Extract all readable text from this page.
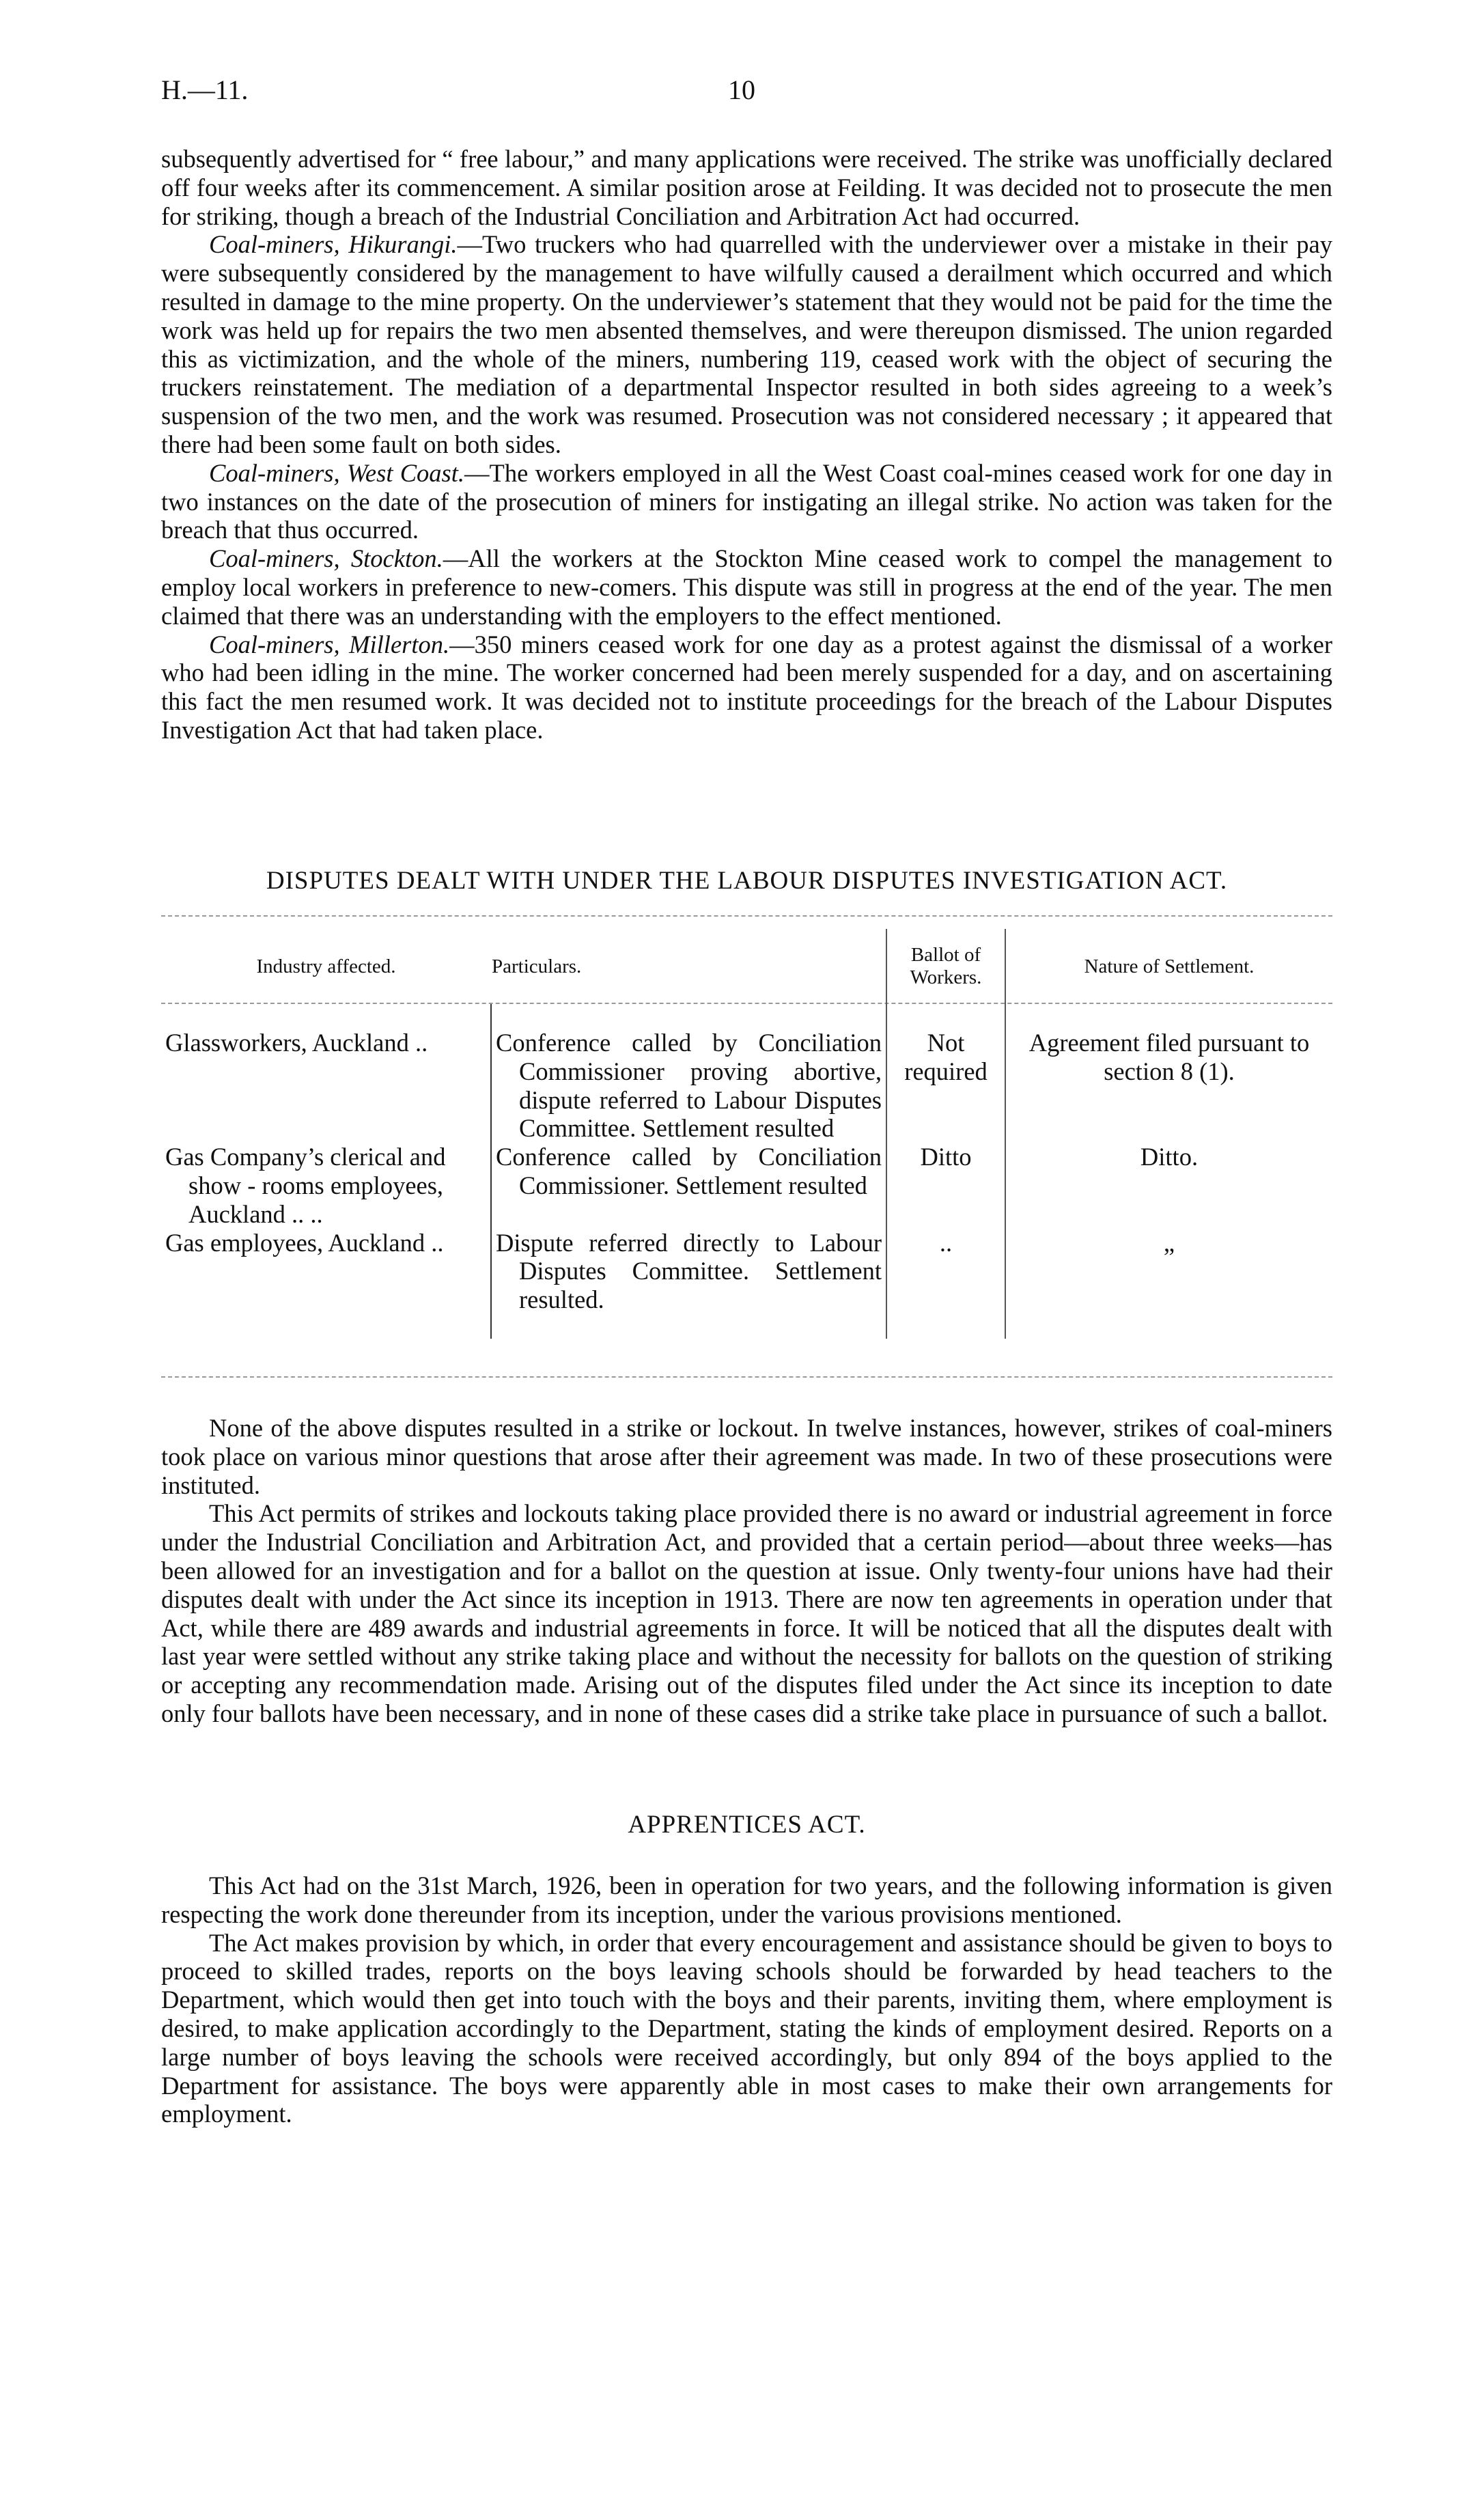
H.—11.	10

subsequently advertised for “ free labour,” and many applications were received. The strike was unofficially declared off four weeks after its commencement. A similar position arose at Feilding. It was decided not to prosecute the men for striking, though a breach of the Industrial Conciliation and Arbitration Act had occurred.

Coal-miners, Hikurangi.—Two truckers who had quarrelled with the underviewer over a mistake in their pay were subsequently considered by the management to have wilfully caused a derailment which occurred and which resulted in damage to the mine property. On the underviewer’s statement that they would not be paid for the time the work was held up for repairs the two men absented themselves, and were thereupon dismissed. The union regarded this as victimization, and the whole of the miners, numbering 119, ceased work with the object of securing the truckers reinstatement. The mediation of a departmental Inspector resulted in both sides agreeing to a week’s suspension of the two men, and the work was resumed. Prosecution was not considered necessary ; it appeared that there had been some fault on both sides.

Coal-miners, West Coast.—The workers employed in all the West Coast coal-mines ceased work for one day in two instances on the date of the prosecution of miners for instigating an illegal strike. No action was taken for the breach that thus occurred.

Coal-miners, Stockton.—All the workers at the Stockton Mine ceased work to compel the management to employ local workers in preference to new-comers. This dispute was still in progress at the end of the year. The men claimed that there was an understanding with the employers to the effect mentioned.

Coal-miners, Millerton.—350 miners ceased work for one day as a protest against the dismissal of a worker who had been idling in the mine. The worker concerned had been merely suspended for a day, and on ascertaining this fact the men resumed work. It was decided not to institute proceedings for the breach of the Labour Disputes Investigation Act that had taken place.

DISPUTES DEALT WITH UNDER THE LABOUR DISPUTES INVESTIGATION ACT.
Industry affected.	Particulars.	Ballot of Workers.	Nature of Settlement.

Glassworkers, Auckland ..	Conference called by Conciliation Commissioner proving abortive, dispute referred to Labour Disputes Committee. Settlement resulted	Not required	Agreement filed pursuant to section 8 (1).

Gas Company’s clerical and show - rooms employees, Auckland .. ..	Conference called by Conciliation Commissioner. Settlement resulted	Ditto	Ditto.

Gas employees, Auckland ..	Dispute referred directly to Labour Disputes Committee. Settlement resulted.	..	„

None of the above disputes resulted in a strike or lockout. In twelve instances, however, strikes of coal-miners took place on various minor questions that arose after their agreement was made. In two of these prosecutions were instituted.

This Act permits of strikes and lockouts taking place provided there is no award or industrial agreement in force under the Industrial Conciliation and Arbitration Act, and provided that a certain period—about three weeks—has been allowed for an investigation and for a ballot on the question at issue. Only twenty-four unions have had their disputes dealt with under the Act since its inception in 1913. There are now ten agreements in operation under that Act, while there are 489 awards and industrial agreements in force. It will be noticed that all the disputes dealt with last year were settled without any strike taking place and without the necessity for ballots on the question of striking or accepting any recommendation made. Arising out of the disputes filed under the Act since its inception to date only four ballots have been necessary, and in none of these cases did a strike take place in pursuance of such a ballot.

APPRENTICES ACT.

This Act had on the 31st March, 1926, been in operation for two years, and the following information is given respecting the work done thereunder from its inception, under the various provisions mentioned.

The Act makes provision by which, in order that every encouragement and assistance should be given to boys to proceed to skilled trades, reports on the boys leaving schools should be forwarded by head teachers to the Department, which would then get into touch with the boys and their parents, inviting them, where employment is desired, to make application accordingly to the Department, stating the kinds of employment desired. Reports on a large number of boys leaving the schools were received accordingly, but only 894 of the boys applied to the Department for assistance. The boys were apparently able in most cases to make their own arrangements for employment.
